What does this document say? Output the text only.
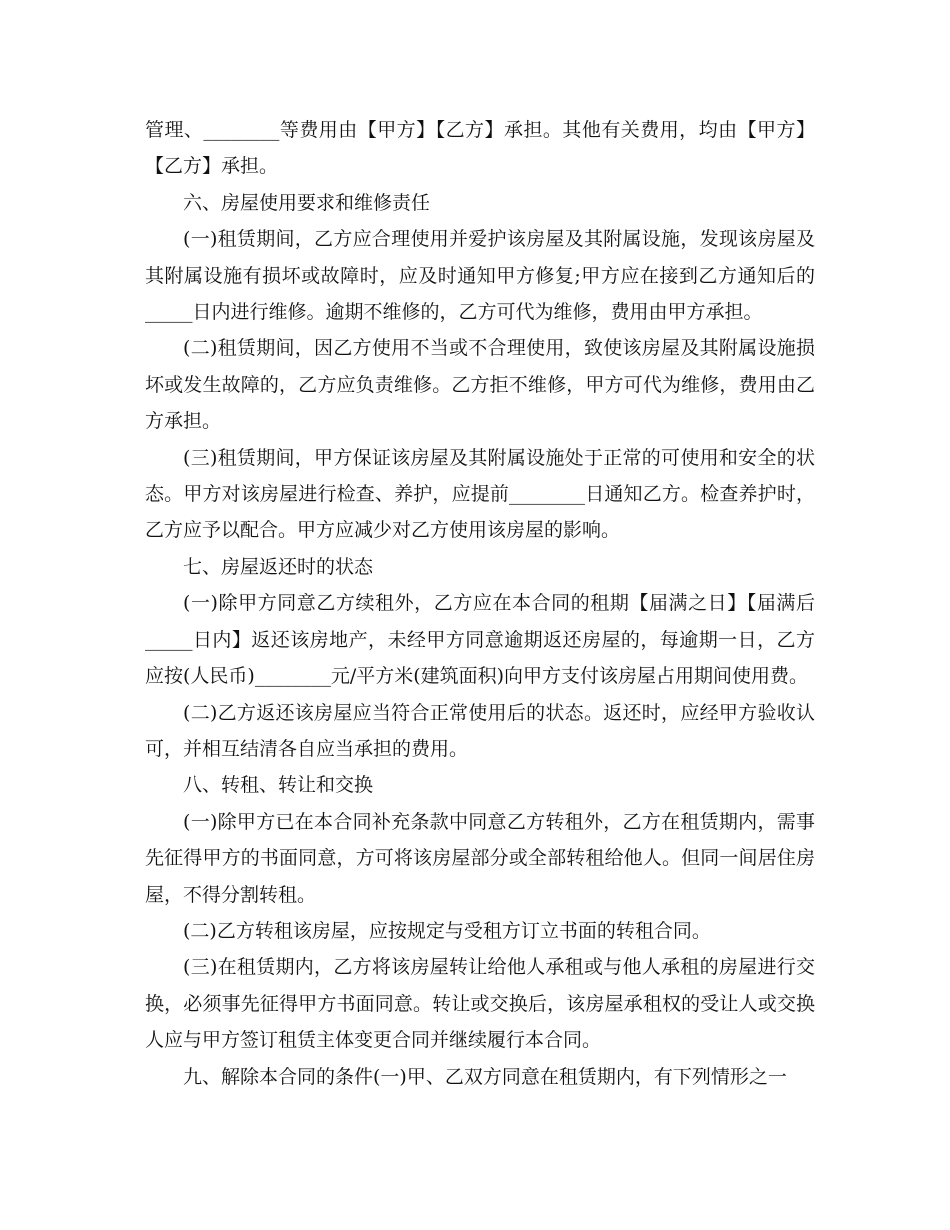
管理、________等费用由【甲方】【乙方】承担。其他有关费用，均由【甲方】【乙方】承担。

六、房屋使用要求和维修责任

(一)租赁期间，乙方应合理使用并爱护该房屋及其附属设施，发现该房屋及其附属设施有损坏或故障时，应及时通知甲方修复;甲方应在接到乙方通知后的_____日内进行维修。逾期不维修的，乙方可代为维修，费用由甲方承担。

(二)租赁期间，因乙方使用不当或不合理使用，致使该房屋及其附属设施损坏或发生故障的，乙方应负责维修。乙方拒不维修，甲方可代为维修，费用由乙方承担。

(三)租赁期间，甲方保证该房屋及其附属设施处于正常的可使用和安全的状态。甲方对该房屋进行检查、养护，应提前________日通知乙方。检查养护时，乙方应予以配合。甲方应减少对乙方使用该房屋的影响。

七、房屋返还时的状态

(一)除甲方同意乙方续租外，乙方应在本合同的租期【届满之日】【届满后_____日内】返还该房地产，未经甲方同意逾期返还房屋的，每逾期一日，乙方应按(人民币)________元/平方米(建筑面积)向甲方支付该房屋占用期间使用费。

(二)乙方返还该房屋应当符合正常使用后的状态。返还时，应经甲方验收认可，并相互结清各自应当承担的费用。

八、转租、转让和交换

(一)除甲方已在本合同补充条款中同意乙方转租外，乙方在租赁期内，需事先征得甲方的书面同意，方可将该房屋部分或全部转租给他人。但同一间居住房屋，不得分割转租。

(二)乙方转租该房屋，应按规定与受租方订立书面的转租合同。

(三)在租赁期内，乙方将该房屋转让给他人承租或与他人承租的房屋进行交换，必须事先征得甲方书面同意。转让或交换后，该房屋承租权的受让人或交换人应与甲方签订租赁主体变更合同并继续履行本合同。

九、解除本合同的条件(一)甲、乙双方同意在租赁期内，有下列情形之一
